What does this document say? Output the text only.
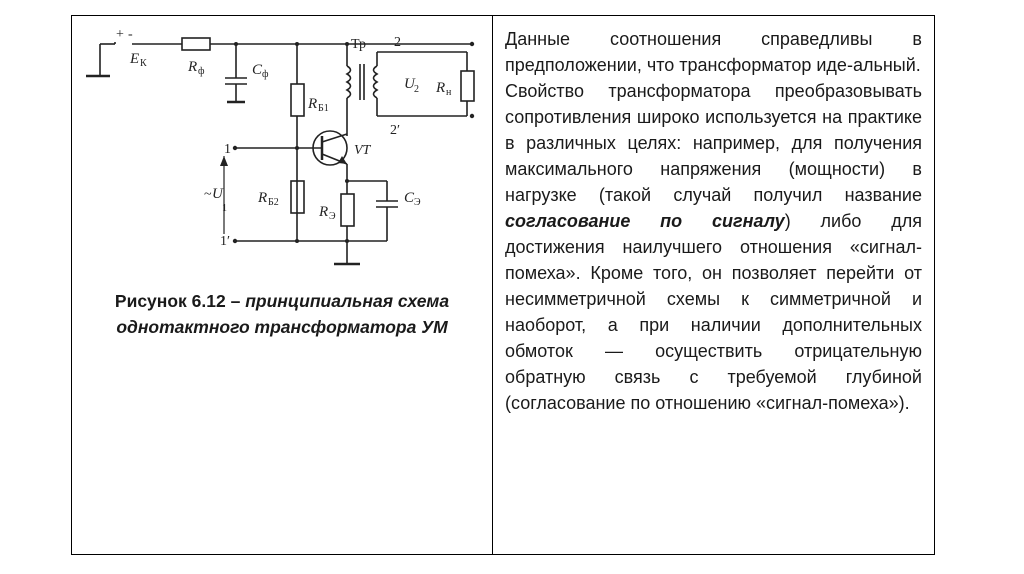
+ -
E К	R ф	C ф
Тр 2
2′
U 2 R н
R Б1
VT
1
1′
~ U
1
R Б2
R Э
C Э
Рисунок 6.12 – принципиальная схема однотактного трансформатора УМ

Данные соотношения справедливы в предположении, что трансформатор иде-альный.

Свойство трансформатора преобразовывать сопротивления широко используется на практике в различных целях: например, для получения максимального напряжения (мощности) в нагрузке (такой случай получил название согласование по сигналу) либо для достижения наилучшего отношения «сигнал-помеха». Кроме того, он позволяет перейти от несимметричной схемы к симметричной и наоборот, а при наличии дополнительных обмоток — осуществить отрицательную обратную связь с требуемой глубиной (согласование по отношению «сигнал-помеха»).
